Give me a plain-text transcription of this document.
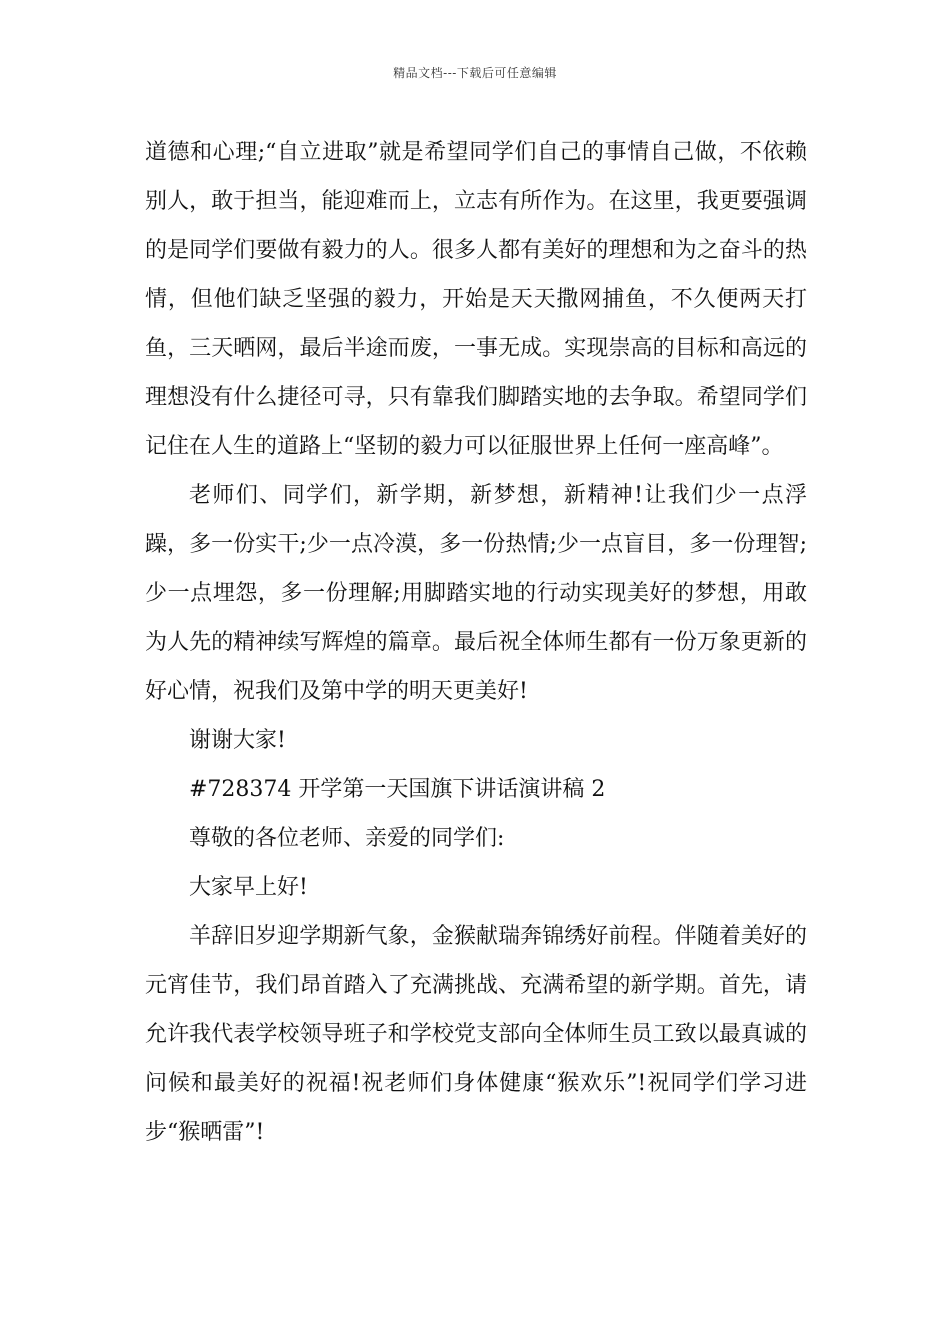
精品文档---下载后可任意编辑

道德和心理;“自立进取”就是希望同学们自己的事情自己做，不依赖别人，敢于担当，能迎难而上，立志有所作为。在这里，我更要强调的是同学们要做有毅力的人。很多人都有美好的理想和为之奋斗的热情，但他们缺乏坚强的毅力，开始是天天撒网捕鱼，不久便两天打鱼，三天晒网，最后半途而废，一事无成。实现崇高的目标和高远的理想没有什么捷径可寻，只有靠我们脚踏实地的去争取。希望同学们记住在人生的道路上“坚韧的毅力可以征服世界上任何一座高峰”。

老师们、同学们，新学期，新梦想，新精神!让我们少一点浮躁，多一份实干;少一点冷漠，多一份热情;少一点盲目，多一份理智;少一点埋怨，多一份理解;用脚踏实地的行动实现美好的梦想，用敢为人先的精神续写辉煌的篇章。最后祝全体师生都有一份万象更新的好心情，祝我们及第中学的明天更美好!

谢谢大家!

#728374 开学第一天国旗下讲话演讲稿 2

尊敬的各位老师、亲爱的同学们:

大家早上好!

羊辞旧岁迎学期新气象，金猴献瑞奔锦绣好前程。伴随着美好的元宵佳节，我们昂首踏入了充满挑战、充满希望的新学期。首先，请允许我代表学校领导班子和学校党支部向全体师生员工致以最真诚的问候和最美好的祝福!祝老师们身体健康“猴欢乐”!祝同学们学习进步“猴晒雷”!
